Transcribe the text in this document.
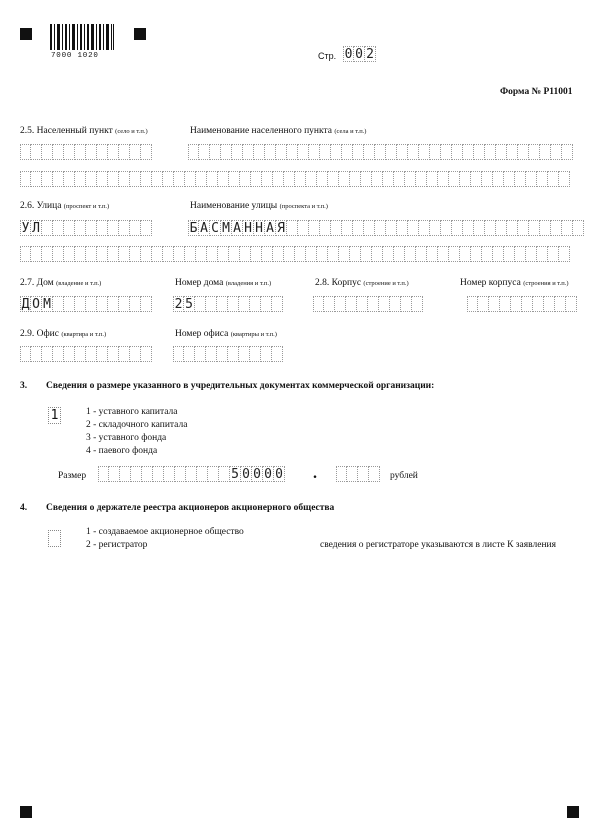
7000 1020	Стр. 0 0 2
Форма № Р11001
2.5. Населенный пункт (село и т.п.)	Наименование населенного пункта (села и т.п.)
2.6. Улица (проспект и т.п.)	Наименование улицы (проспекта и т.п.)
У Л	Б А С М А Н Н А Я
2.7. Дом (владение и т.п.)	Номер дома (владения и т.п.)	2.8. Корпус (строение и т.п.)	Номер корпуса (строения и т.п.)
Д О М	2 5
2.9. Офис (квартира и т.п.)	Номер офиса (квартиры и т.п.)
3. Сведения о размере указанного в учредительных документах коммерческой организации:
1	1 - уставного капитала
2 - складочного капитала
3 - уставного фонда
4 - паевого фонда
Размер	5 0 0 0 0 .	рублей
4. Сведения о держателе реестра акционеров акционерного общества
1 - создаваемое акционерное общество
2 - регистратор	сведения о регистраторе указываются в листе К заявления
